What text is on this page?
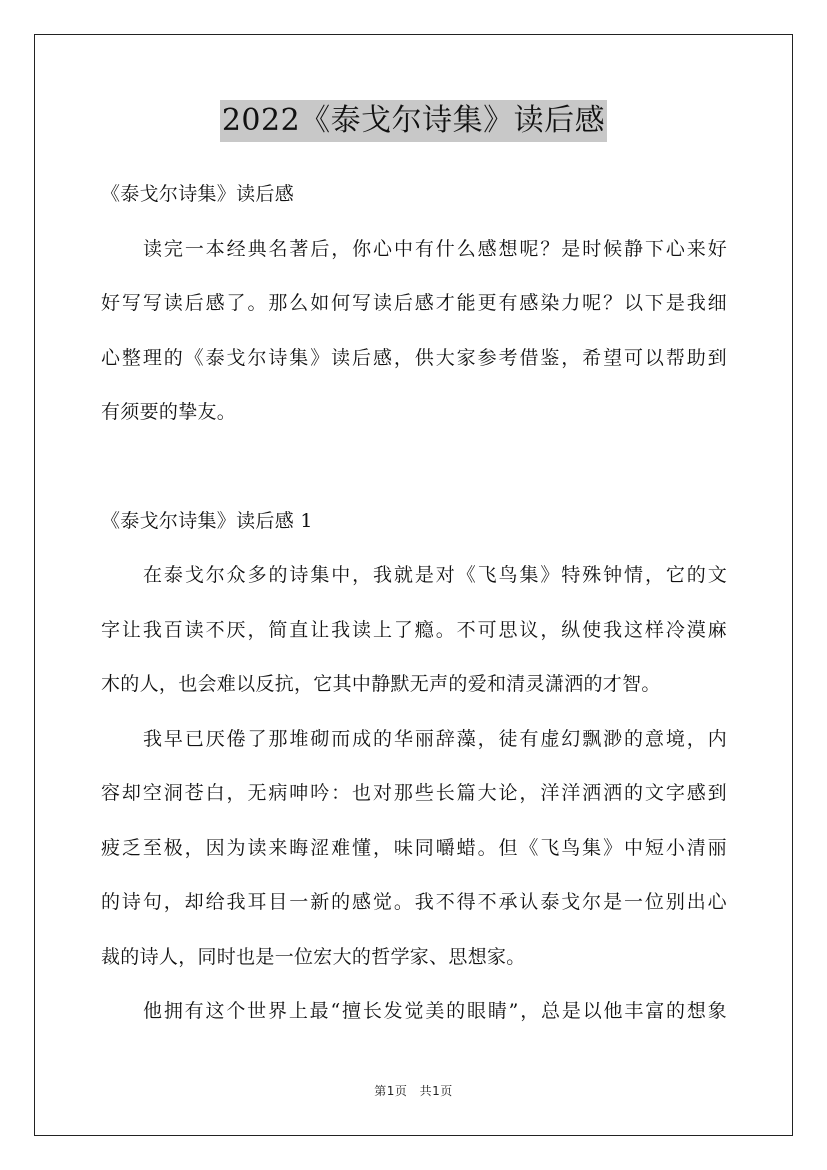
2022《泰戈尔诗集》读后感
《泰戈尔诗集》读后感
读完一本经典名著后，你心中有什么感想呢？是时候静下心来好
好写写读后感了。那么如何写读后感才能更有感染力呢？以下是我细
心整理的《泰戈尔诗集》读后感，供大家参考借鉴，希望可以帮助到
有须要的挚友。
《泰戈尔诗集》读后感 1
在泰戈尔众多的诗集中，我就是对《飞鸟集》特殊钟情，它的文
字让我百读不厌，简直让我读上了瘾。不可思议，纵使我这样冷漠麻
木的人，也会难以反抗，它其中静默无声的爱和清灵潇洒的才智。
我早已厌倦了那堆砌而成的华丽辞藻，徒有虚幻飘渺的意境，内
容却空洞苍白，无病呻吟：也对那些长篇大论，洋洋洒洒的文字感到
疲乏至极，因为读来晦涩难懂，味同嚼蜡。但《飞鸟集》中短小清丽
的诗句，却给我耳目一新的感觉。我不得不承认泰戈尔是一位别出心
裁的诗人，同时也是一位宏大的哲学家、思想家。
他拥有这个世界上最“擅长发觉美的眼睛”，总是以他丰富的想象
第1页 共1页
